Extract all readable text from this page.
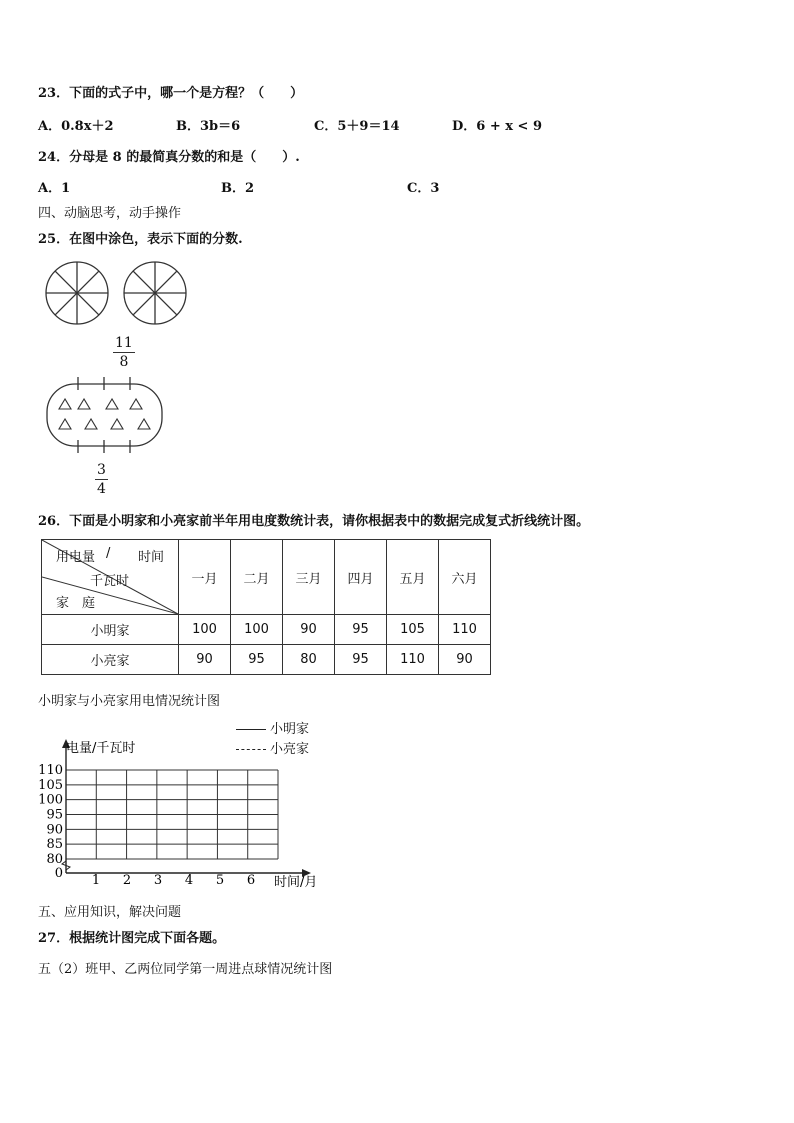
23．下面的式子中，哪一个是方程？（　　）
A．0.8x＋2	B．3b＝6	C．5＋9＝14	D．6 + x < 9
24．分母是 8 的最简真分数的和是（　　）.
A．1	B．2	C．3
四、动脑思考，动手操作
25．在图中涂色，表示下面的分数.
$\frac{11}{8}$
$\frac{3}{4}$
26．下面是小明家和小亮家前半年用电度数统计表，请你根据表中的数据完成复式折线统计图。
时间
用电量 /
千瓦时
家　庭	一月	二月	三月	四月	五月	六月
小明家	100	100	90	95	105	110
小亮家	90	95	80	95	110	90
小明家与小亮家用电情况统计图
小明家
小亮家
0
80
85
90
95
100
105
110
1 2 3 4 5 6
电量/千瓦时
时间/月
五、应用知识，解决问题
27．根据统计图完成下面各题。
五（2）班甲、乙两位同学第一周进点球情况统计图
